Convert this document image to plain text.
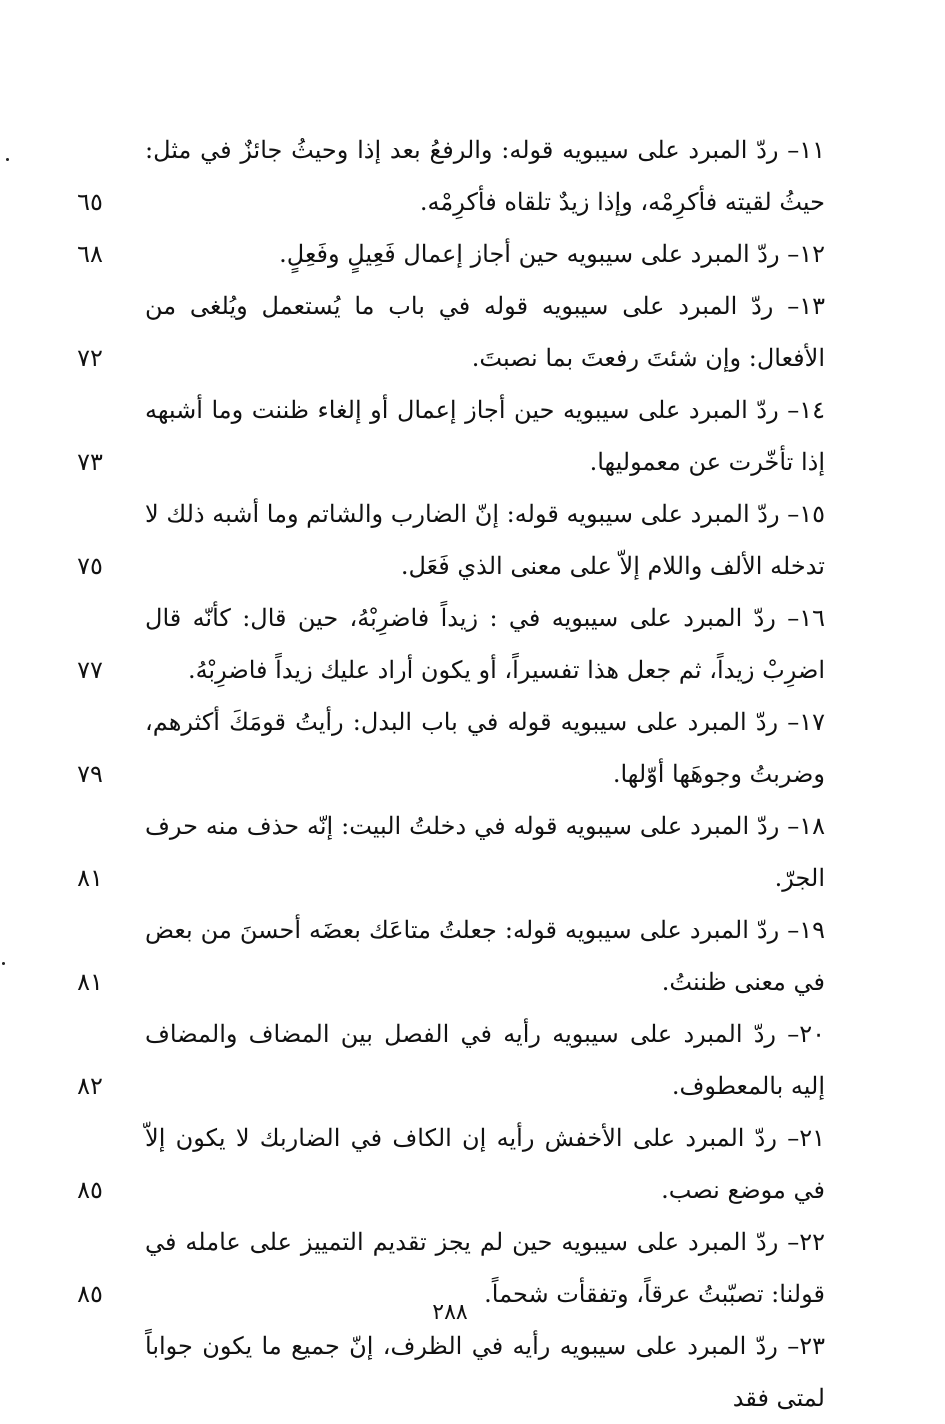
١١– ردّ المبرد على سيبويه قوله: والرفعُ بعد إذا وحيثُ جائزٌ في مثل: حيثُ لقيته فأكرِمْه، وإذا زيدٌ تلقاه فأكرِمْه.
٦٥
١٢– ردّ المبرد على سيبويه حين أجاز إعمال فَعِيلٍ وفَعِلٍ.
٦٨
١٣– ردّ المبرد على سيبويه قوله في باب ما يُستعمل ويُلغى من الأفعال: وإن شئتَ رفعتَ بما نصبتَ.
٧٢
١٤– ردّ المبرد على سيبويه حين أجاز إعمال أو إلغاء ظننت وما أشبهه إذا تأخّرت عن معموليها.
٧٣
١٥– ردّ المبرد على سيبويه قوله: إنّ الضارب والشاتم وما أشبه ذلك لا تدخله الألف واللام إلاّ على معنى الذي فَعَل.
٧٥
١٦– ردّ المبرد على سيبويه في : زيداً فاضرِبْهُ، حين قال: كأنّه قال اضرِبْ زيداً، ثم جعل هذا تفسيراً، أو يكون أراد عليك زيداً فاضرِبْهُ.
٧٧
١٧– ردّ المبرد على سيبويه قوله في باب البدل: رأيتُ قومَكَ أكثرهم، وضربتُ وجوهَها أوّلها.
٧٩
١٨– ردّ المبرد على سيبويه قوله في دخلتُ البيت: إنّه حذف منه حرف الجرّ.
٨١
١٩– ردّ المبرد على سيبويه قوله: جعلتُ متاعَك بعضَه أحسنَ من بعض في معنى ظننتُ.
٨١
٢٠– ردّ المبرد على سيبويه رأيه في الفصل بين المضاف والمضاف إليه بالمعطوف.
٨٢
٢١– ردّ المبرد على الأخفش رأيه إن الكاف في الضاربك لا يكون إلاّ في موضع نصب.
٨٥
٢٢– ردّ المبرد على سيبويه حين لم يجز تقديم التمييز على عامله في قولنا: تصبّبتُ عرقاً، وتفقأت شحماً.
٨٥
٢٣– ردّ المبرد على سيبويه رأيه في الظرف، إنّ جميع ما يكون جواباً لمتى فقد
٢٨٨
